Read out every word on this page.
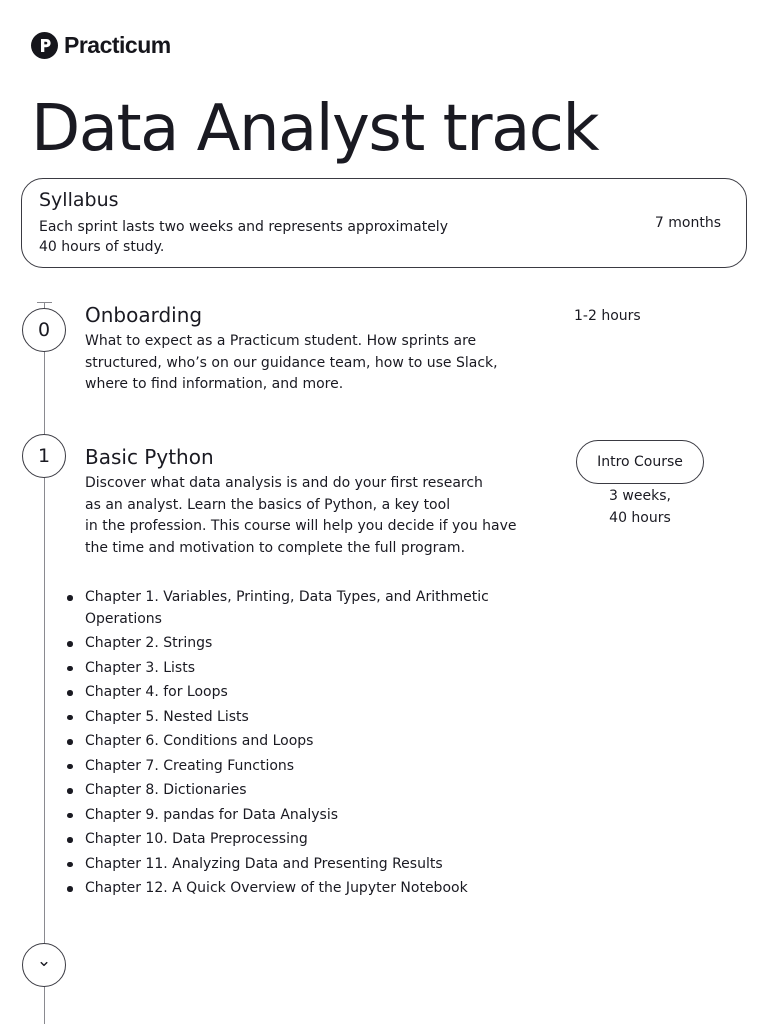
Practicum
Data Analyst track
Syllabus
Each sprint lasts two weeks and represents approximately
40 hours of study.
7 months
0
Onboarding
What to expect as a Practicum student. How sprints are
structured, who’s on our guidance team, how to use Slack,
where to find information, and more.
1-2 hours
1	Basic Python
Discover what data analysis is and do your first research
as an analyst. Learn the basics of Python, a key tool
in the profession. This course will help you decide if you have
the time and motivation to complete the full program.
Intro Course
3 weeks,
40 hours
Chapter 1. Variables, Printing, Data Types, and Arithmetic Operations
Chapter 2. Strings
Chapter 3. Lists
Chapter 4. for Loops
Chapter 5. Nested Lists
Chapter 6. Conditions and Loops
Chapter 7. Creating Functions
Chapter 8. Dictionaries
Chapter 9. pandas for Data Analysis
Chapter 10. Data Preprocessing
Chapter 11. Analyzing Data and Presenting Results
Chapter 12. A Quick Overview of the Jupyter Notebook
